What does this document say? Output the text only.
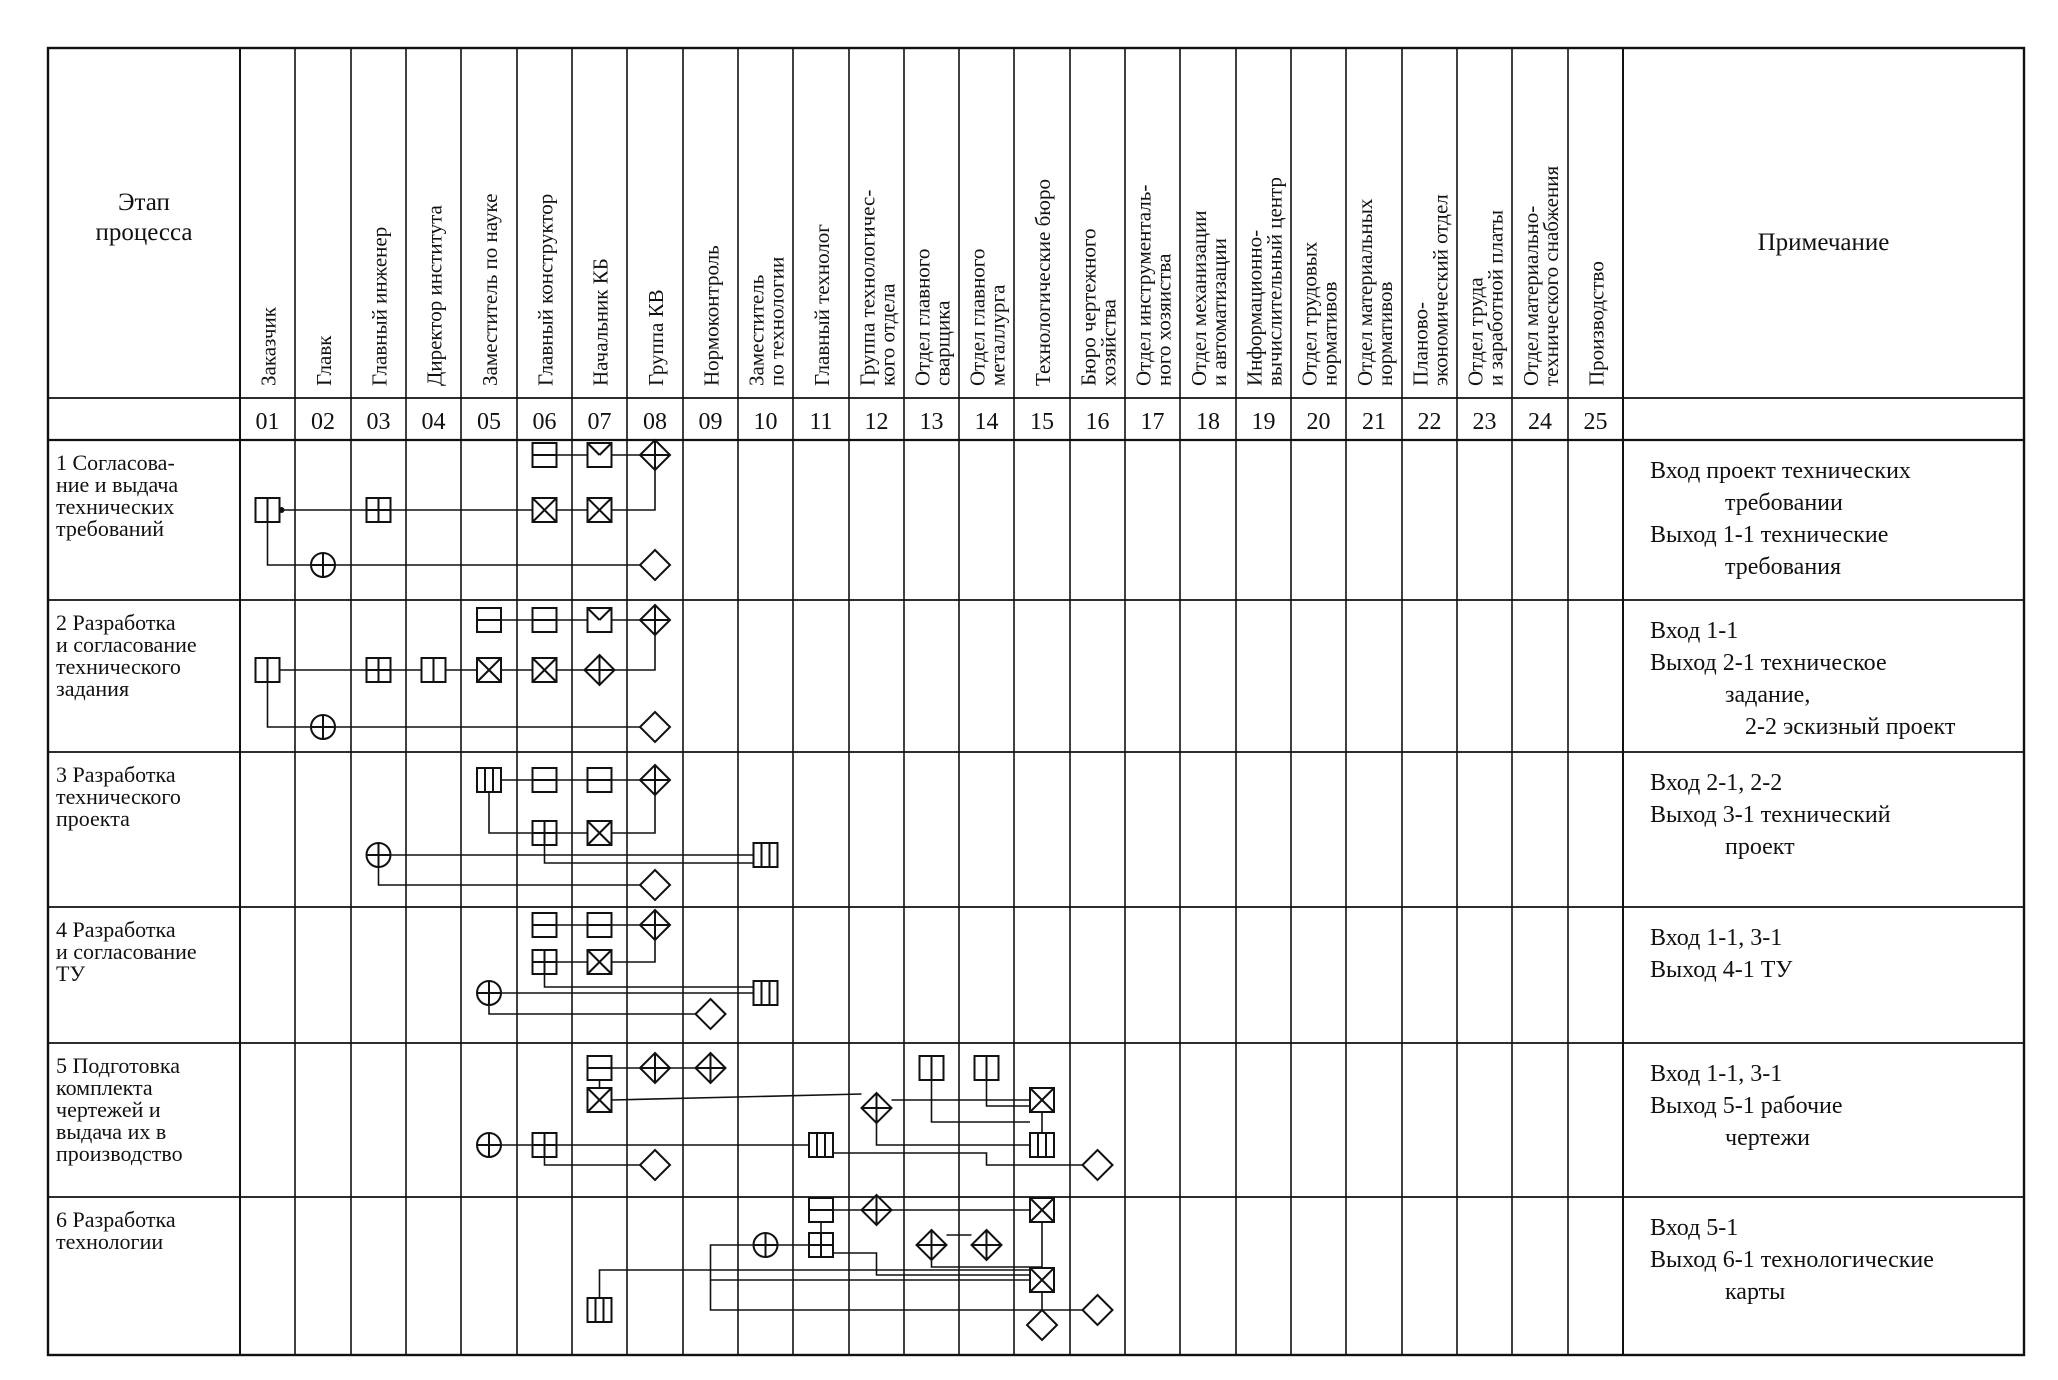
Этап процесса	Примечание
01
Заказчик
02
Главк
03
Главный инженер
04
Директор института
05
Заместитель по науке
06
Главный конструктор
07
Начальник КБ
08
Группа КВ
09
Нормоконтроль
10
Заместитель
по технологии
11
Главный технолог
12
Группа технологичес-
кого отдела
13
Отдел главного
сварщика
14
Отдел главного
металлурга
15
Технологические бюро
16
Бюро чертежного
хозяйства
17
Отдел инструменталь-
ного хозяиства
18
Отдел механизации
и автоматизации
19
Информационно-
вычислительный центр
20
Отдел трудовых
нормативов
21
Отдел материальных
нормативов
22
Планово-
экономический отдел
23
Отдел труда
и заработной платы
24
Отдел материально-
технического снабжения
25
Производство
1 Согласова-ние и выдача технических требований
Вход проект технических требовании Выход 1-1 технические требования
2 Разработка и согласование технического задания
Вход 1-1 Выход 2-1 техническое задание, 2-2 эскизный проект
3 Разработка технического проекта
Вход 2-1, 2-2 Выход 3-1 технический проект
4 Разработка и согласование ТУ
Вход 1-1, 3-1 Выход 4-1 ТУ
5 Подготовка комплекта чертежей и выдача их в производство
Вход 1-1, 3-1 Выход 5-1 рабочие чертежи
6 Разработка технологии
Вход 5-1 Выход 6-1 технологические карты
